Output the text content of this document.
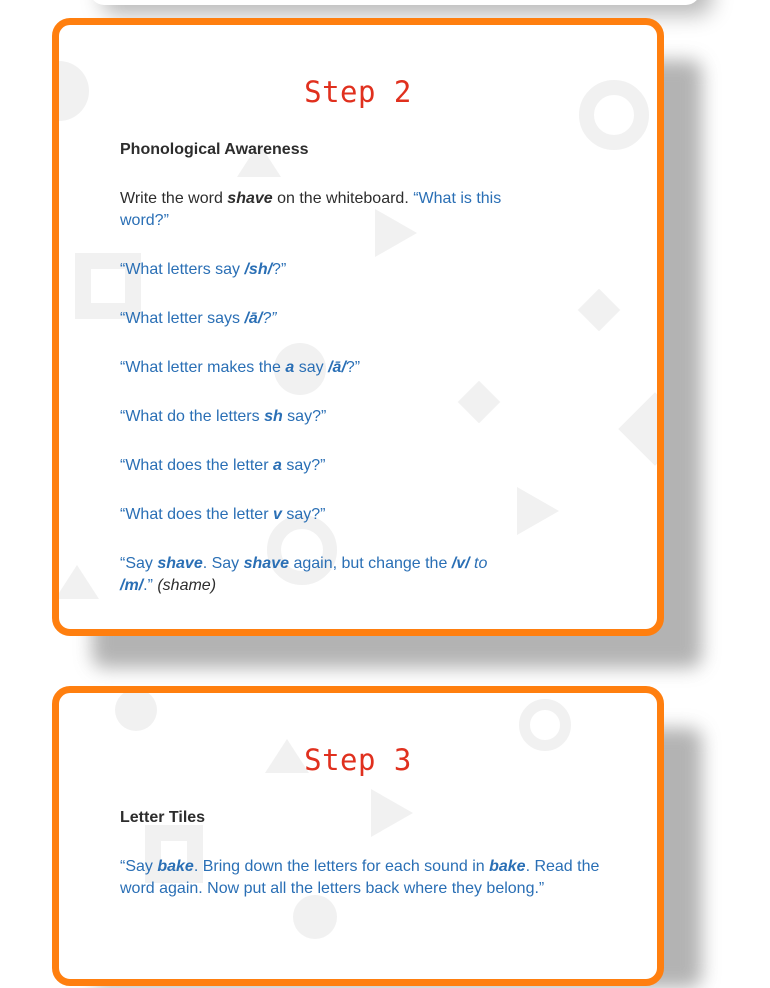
Step 2

Phonological Awareness

Write the word shave on the whiteboard. “What is this word?”

“What letters say /sh/?”

“What letter says /ā/?”

“What letter makes the a say /ā/?”

“What do the letters sh say?”

“What does the letter a say?”

“What does the letter v say?”

“Say shave. Say shave again, but change the /v/ to /m/.” (shame)

Step 3

Letter Tiles

“Say bake. Bring down the letters for each sound in bake. Read the word again. Now put all the letters back where they belong.”
